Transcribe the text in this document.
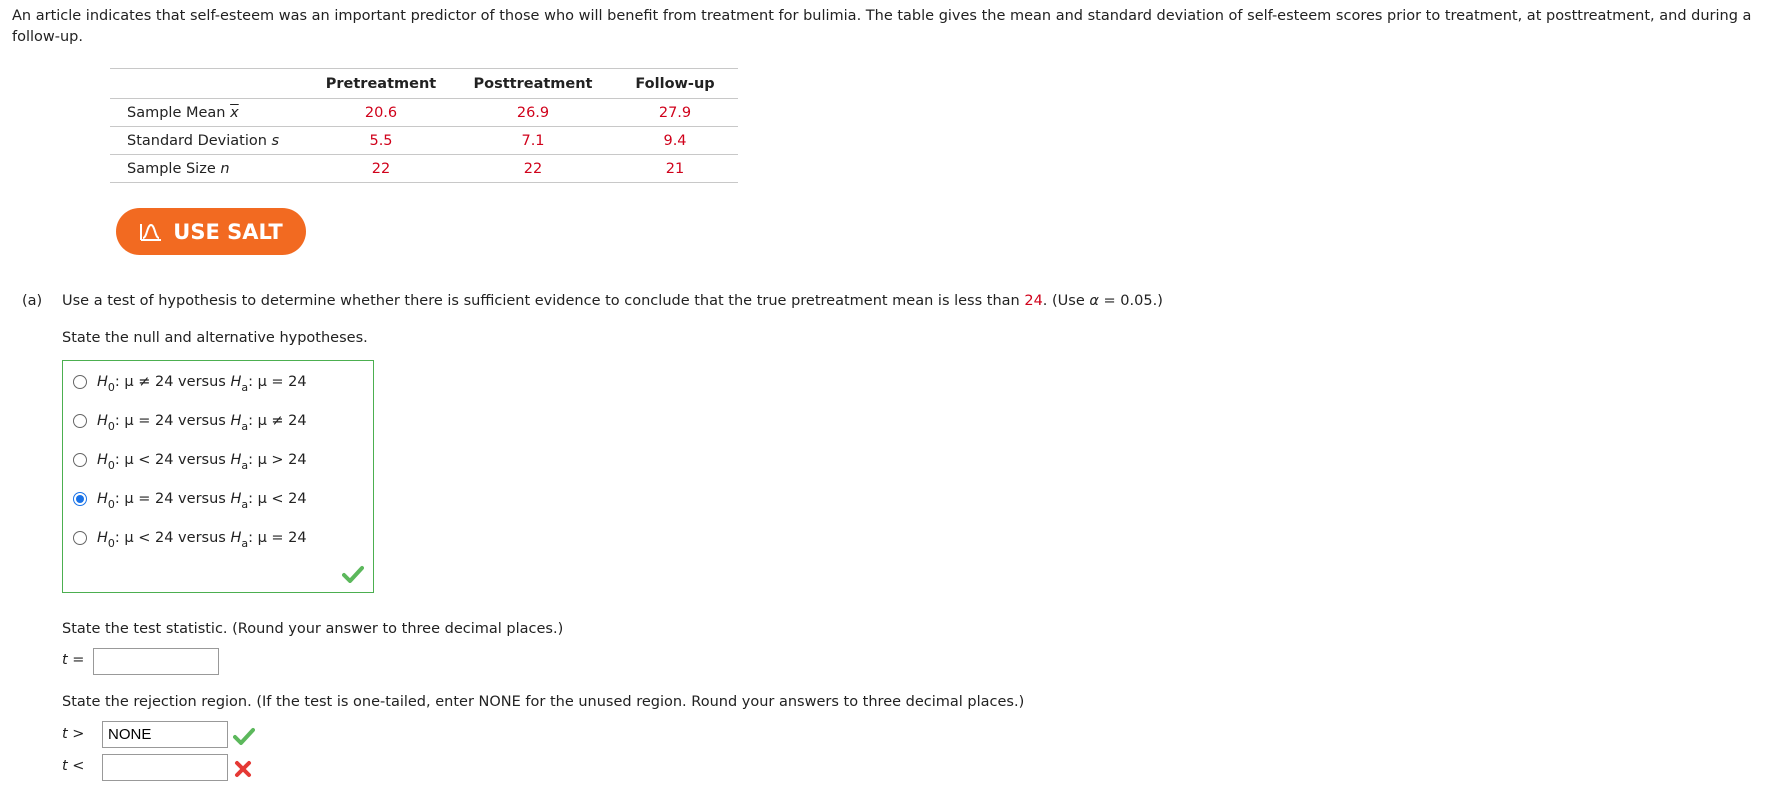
An article indicates that self-esteem was an important predictor of those who will benefit from treatment for bulimia. The table gives the mean and standard deviation of self-esteem scores prior to treatment, at posttreatment, and during a follow-up.
	Pretreatment	Posttreatment	Follow-up
Sample Mean $\overline{x}$	20.6	26.9	27.9
Standard Deviation s	5.5	7.1	9.4
Sample Size n	22	22	21
USE SALT
(a) Use a test of hypothesis to determine whether there is sufficient evidence to conclude that the true pretreatment mean is less than 24. (Use α = 0.05.)
State the null and alternative hypotheses.
$H_0$: μ ≠ 24 versus $H_a$: μ = 24
$H_0$: μ = 24 versus $H_a$: μ ≠ 24
$H_0$: μ < 24 versus $H_a$: μ > 24
$H_0$: μ = 24 versus $H_a$: μ < 24
$H_0$: μ < 24 versus $H_a$: μ = 24
State the test statistic. (Round your answer to three decimal places.)
t =
State the rejection region. (If the test is one-tailed, enter NONE for the unused region. Round your answers to three decimal places.)
t >
NONE
t <
